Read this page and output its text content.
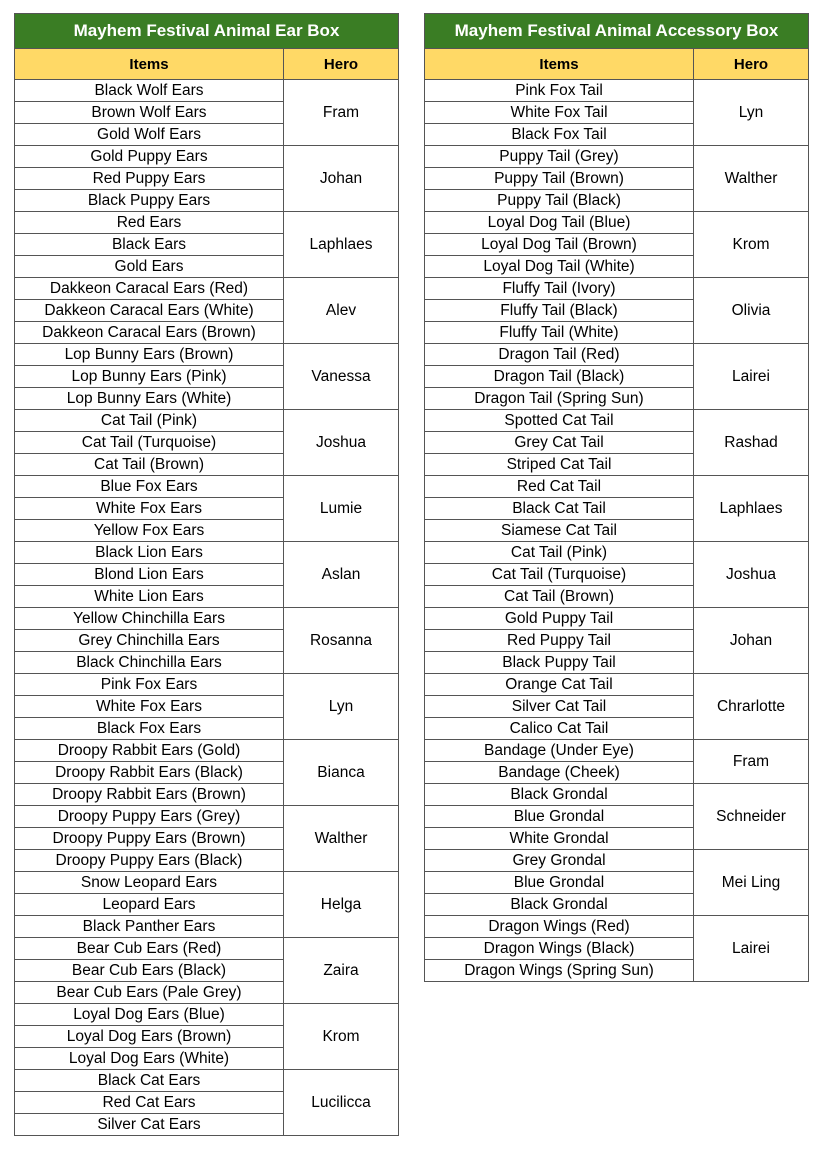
Mayhem Festival Animal Ear Box	
Items	Hero
Black Wolf Ears	Fram
Brown Wolf Ears	
Gold Wolf Ears	
Gold Puppy Ears	Johan
Red Puppy Ears	
Black Puppy Ears	
Red Ears	Laphlaes
Black Ears	
Gold Ears	
Dakkeon Caracal Ears (Red)	Alev
Dakkeon Caracal Ears (White)	
Dakkeon Caracal Ears (Brown)	
Lop Bunny Ears (Brown)	Vanessa
Lop Bunny Ears (Pink)	
Lop Bunny Ears (White)	
Cat Tail (Pink)	Joshua
Cat Tail (Turquoise)	
Cat Tail (Brown)	
Blue Fox Ears	Lumie
White Fox Ears	
Yellow Fox Ears	
Black Lion Ears	Aslan
Blond Lion Ears	
White Lion Ears	
Yellow Chinchilla Ears	Rosanna
Grey Chinchilla Ears	
Black Chinchilla Ears	
Pink Fox Ears	Lyn
White Fox Ears	
Black Fox Ears	
Droopy Rabbit Ears (Gold)	Bianca
Droopy Rabbit Ears (Black)	
Droopy Rabbit Ears (Brown)	
Droopy Puppy Ears (Grey)	Walther
Droopy Puppy Ears (Brown)	
Droopy Puppy Ears (Black)	
Snow Leopard Ears	Helga
Leopard Ears	
Black Panther Ears	
Bear Cub Ears (Red)	Zaira
Bear Cub Ears (Black)	
Bear Cub Ears (Pale Grey)	
Loyal Dog Ears (Blue)	Krom
Loyal Dog Ears (Brown)	
Loyal Dog Ears (White)	
Black Cat Ears	Lucilicca
Red Cat Ears	
Silver Cat Ears	
Mayhem Festival Animal Accessory Box	
Items	Hero
Pink Fox Tail	Lyn
White Fox Tail	
Black Fox Tail	
Puppy Tail (Grey)	Walther
Puppy Tail (Brown)	
Puppy Tail (Black)	
Loyal Dog Tail (Blue)	Krom
Loyal Dog Tail (Brown)	
Loyal Dog Tail (White)	
Fluffy Tail (Ivory)	Olivia
Fluffy Tail (Black)	
Fluffy Tail (White)	
Dragon Tail (Red)	Lairei
Dragon Tail (Black)	
Dragon Tail (Spring Sun)	
Spotted Cat Tail	Rashad
Grey Cat Tail	
Striped Cat Tail	
Red Cat Tail	Laphlaes
Black Cat Tail	
Siamese Cat Tail	
Cat Tail (Pink)	Joshua
Cat Tail (Turquoise)	
Cat Tail (Brown)	
Gold Puppy Tail	Johan
Red Puppy Tail	
Black Puppy Tail	
Orange Cat Tail	Chrarlotte
Silver Cat Tail	
Calico Cat Tail	
Bandage (Under Eye)	Fram
Bandage (Cheek)	
Black Grondal	Schneider
Blue Grondal	
White Grondal	
Grey Grondal	Mei Ling
Blue Grondal	
Black Grondal	
Dragon Wings (Red)	Lairei
Dragon Wings (Black)	
Dragon Wings (Spring Sun)	
